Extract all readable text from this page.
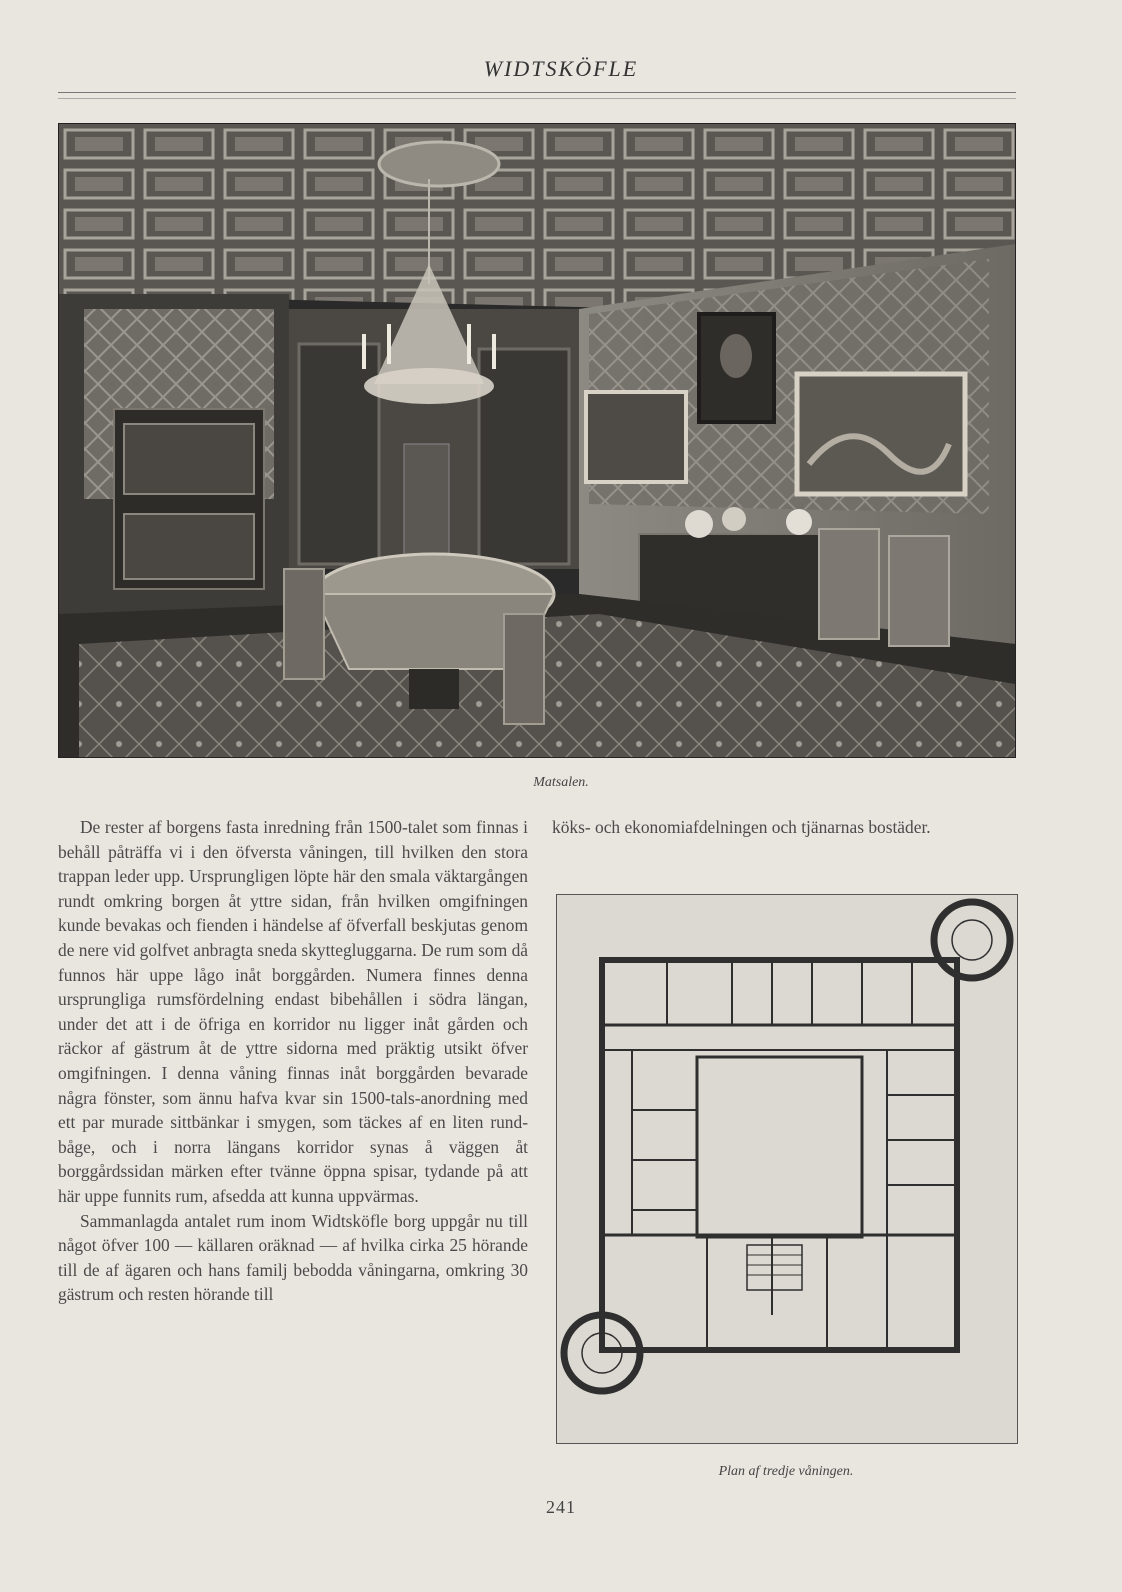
WIDTSKÖFLE
Matsalen.

De rester af borgens fasta inredning från 1500-talet som finnas i behåll påträffa vi i den öfversta våningen, till hvilken den stora trappan leder upp. Ursprungligen löpte här den smala väktargången rundt omkring borgen åt yttre sidan, från hvilken omgifningen kunde bevakas och fienden i händelse af öfverfall beskjutas genom de nere vid golfvet anbragta sneda skyttegluggarna. De rum som då funnos här uppe lågo inåt borggården. Numera finnes denna ursprungliga rumsfördelning endast bibehållen i södra längan, under det att i de öfriga en korridor nu ligger inåt gården och räckor af gästrum åt de yttre sidorna med präktig utsikt öfver omgifningen. I denna våning finnas inåt borggården bevarade några fönster, som ännu hafva kvar sin 1500-tals-anordning med ett par murade sittbänkar i smygen, som täckes af en liten rundbåge, och i norra längans korridor synas å väggen åt borggårdssidan märken efter tvänne öppna spisar, tydande på att här uppe funnits rum, afsedda att kunna uppvärmas.

Sammanlagda antalet rum inom Widtsköfle borg uppgår nu till något öfver 100 — källaren oräknad — af hvilka cirka 25 hörande till de af ägaren och hans familj bebodda våningarna, omkring 30 gästrum och resten hörande till

köks- och ekonomiafdelningen och tjänarnas bostäder.
Plan af tredje våningen.
241
